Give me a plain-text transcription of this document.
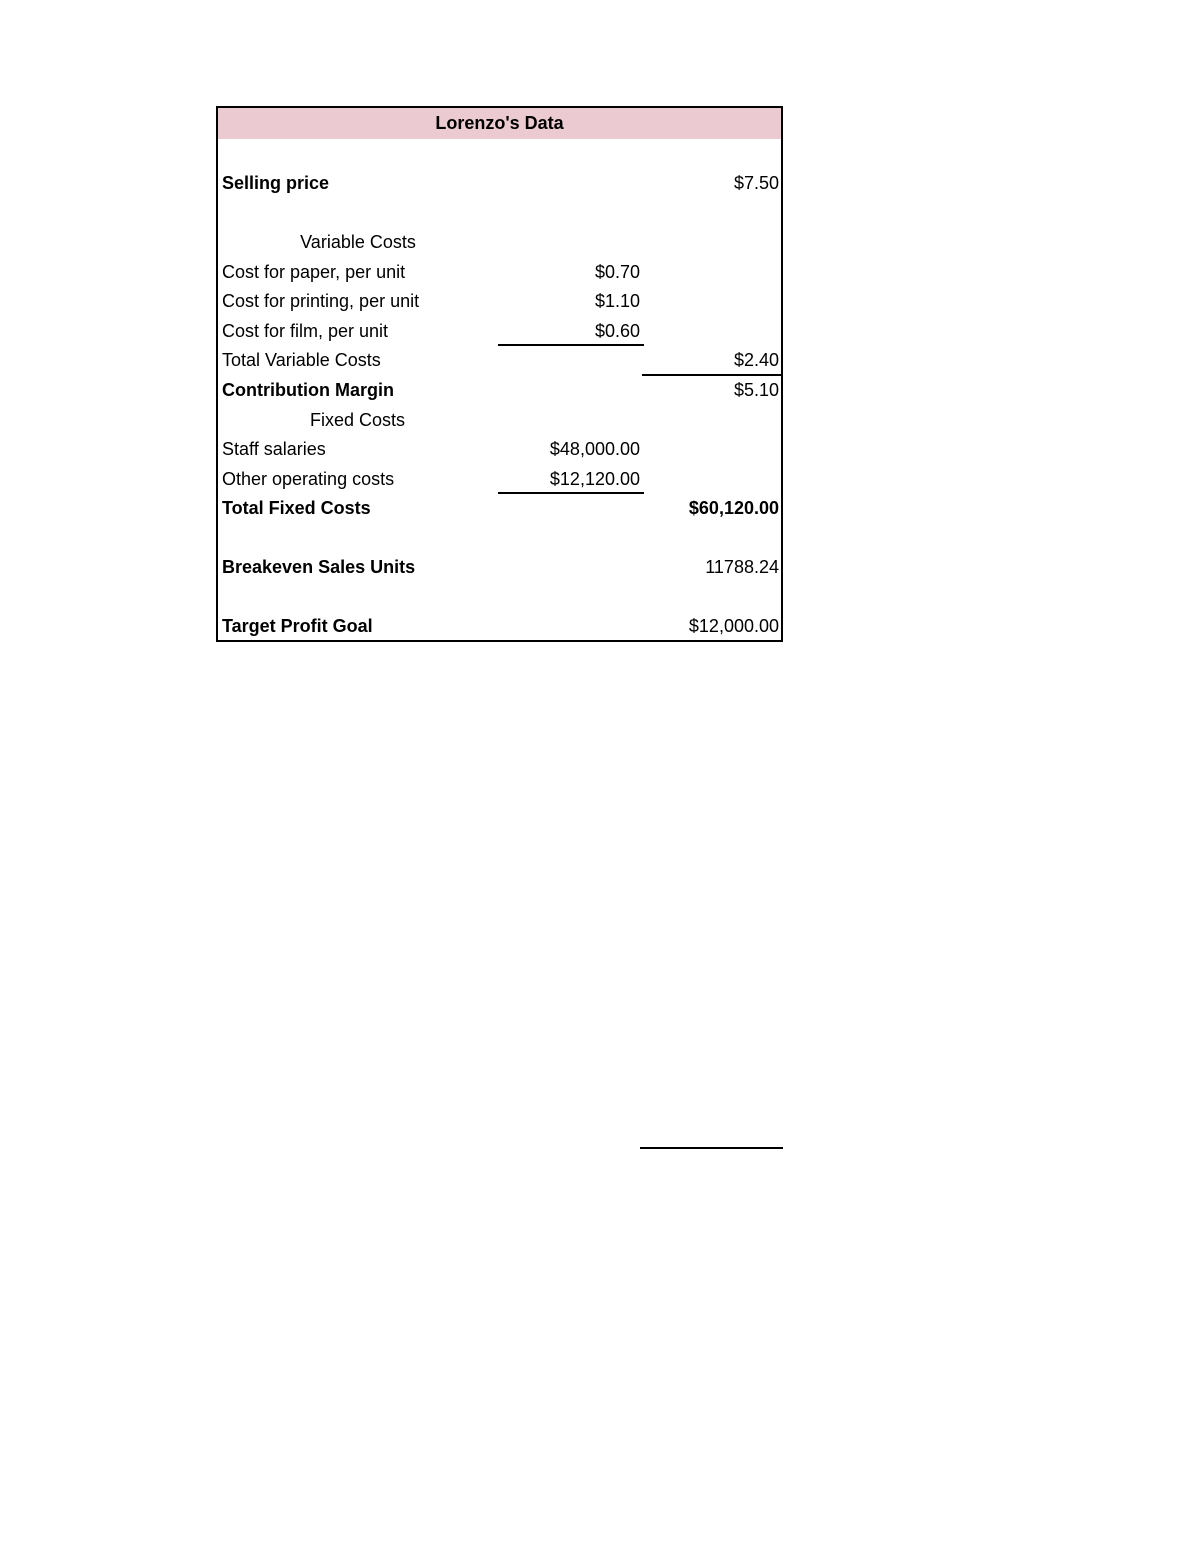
Lorenzo's Data
Selling price	$7.50
Variable Costs
Cost for paper, per unit	$0.70
Cost for printing, per unit	$1.10
Cost for film, per unit	$0.60
Total Variable Costs	$2.40
Contribution Margin	$5.10
Fixed Costs
Staff salaries	$48,000.00
Other operating costs	$12,120.00
Total Fixed Costs	$60,120.00
Breakeven Sales Units	11788.24
Target Profit Goal	$12,000.00
